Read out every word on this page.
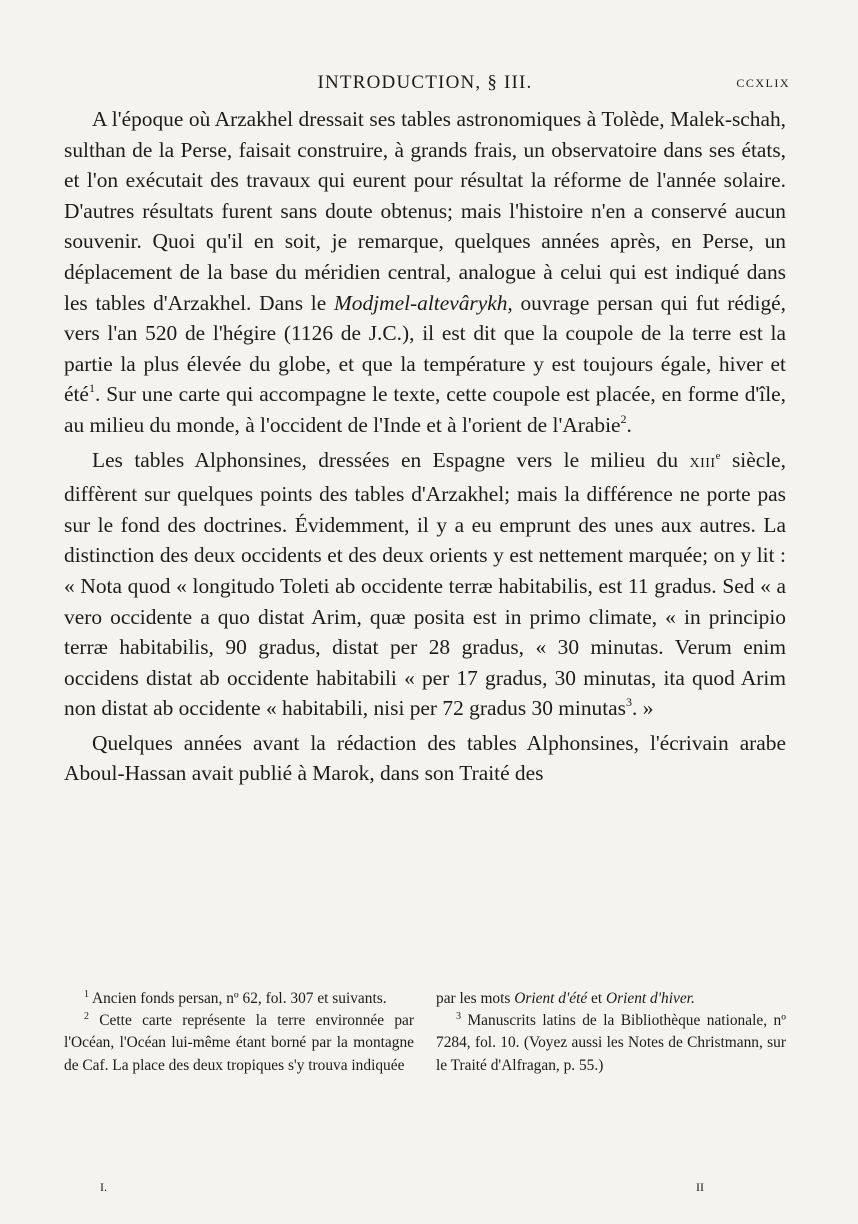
INTRODUCTION, § III.	CCXLIX

A l'époque où Arzakhel dressait ses tables astronomiques à Tolède, Malek-schah, sulthan de la Perse, faisait construire, à grands frais, un observatoire dans ses états, et l'on exécutait des travaux qui eurent pour résultat la réforme de l'année solaire. D'autres résultats furent sans doute obtenus; mais l'histoire n'en a conservé aucun souvenir. Quoi qu'il en soit, je remarque, quelques années après, en Perse, un déplacement de la base du méridien central, analogue à celui qui est indiqué dans les tables d'Arzakhel. Dans le Modjmel-altevârykh, ouvrage persan qui fut rédigé, vers l'an 520 de l'hégire (1126 de J.C.), il est dit que la coupole de la terre est la partie la plus élevée du globe, et que la température y est toujours égale, hiver et été$^1$. Sur une carte qui accompagne le texte, cette coupole est placée, en forme d'île, au milieu du monde, à l'occident de l'Inde et à l'orient de l'Arabie$^2$.

Les tables Alphonsines, dressées en Espagne vers le milieu du XIIIe siècle, diffèrent sur quelques points des tables d'Arzakhel; mais la différence ne porte pas sur le fond des doctrines. Évidemment, il y a eu emprunt des unes aux autres. La distinction des deux occidents et des deux orients y est nettement marquée; on y lit : « Nota quod « longitudo Toleti ab occidente terræ habitabilis, est 11 gradus. Sed « a vero occidente a quo distat Arim, quæ posita est in primo climate, « in principio terræ habitabilis, 90 gradus, distat per 28 gradus, « 30 minutas. Verum enim occidens distat ab occidente habitabili « per 17 gradus, 30 minutas, ita quod Arim non distat ab occidente « habitabili, nisi per 72 gradus 30 minutas$^3$. »

Quelques années avant la rédaction des tables Alphonsines, l'écrivain arabe Aboul-Hassan avait publié à Marok, dans son Traité des

$^1$ Ancien fonds persan, nº 62, fol. 307 et suivants.

$^2$ Cette carte représente la terre environnée par l'Océan, l'Océan lui-même étant borné par la montagne de Caf. La place des deux tropiques s'y trouva indiquée

par les mots Orient d'été et Orient d'hiver.

$^3$ Manuscrits latins de la Bibliothèque nationale, nº 7284, fol. 10. (Voyez aussi les Notes de Christmann, sur le Traité d'Alfragan, p. 55.)

I.	II
